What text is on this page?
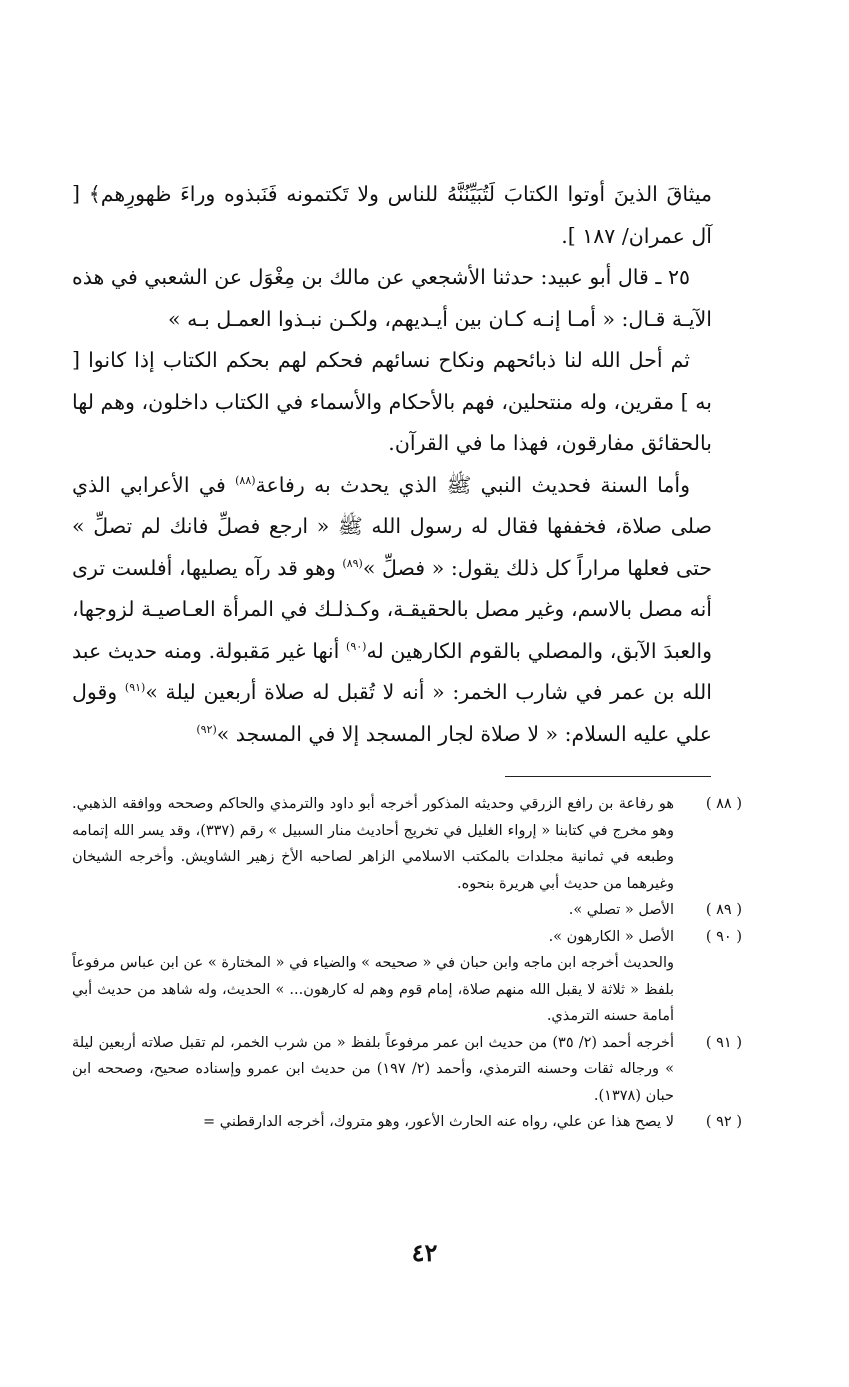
ميثاقَ الذينَ أوتوا الكتابَ لَتُبَيِّنُنَّهُ للناس ولا تَكتمونه فَنَبذوه وراءَ ظهورِهم﴾ [ آل عمران/ ١٨٧ ].

٢٥ ـ قال أبو عبيد: حدثنا الأشجعي عن مالك بن مِغْوَل عن الشعبي في هذه الآيـة قـال: « أمـا إنـه كـان بين أيـديهم، ولكـن نبـذوا العمـل بـه »

ثم أحل الله لنا ذبائحهم ونكاح نسائهم فحكم لهم بحكم الكتاب إذا كانوا [ به ] مقرين، وله منتحلين، فهم بالأحكام والأسماء في الكتاب داخلون، وهم لها بالحقائق مفارقون، فهذا ما في القرآن.

وأما السنة فحديث النبي ﷺ الذي يحدث به رفاعة$^{(٨٨)}$ في الأعرابي الذي صلى صلاة، فخففها فقال له رسول الله ﷺ « ارجع فصلِّ فانك لم تصلِّ » حتى فعلها مراراً كل ذلك يقول: « فصلِّ »$^{(٨٩)}$ وهو قد رآه يصليها، أفلست ترى أنه مصل بالاسم، وغير مصل بالحقيقـة، وكـذلـك في المرأة العـاصيـة لزوجها، والعبدَ الآبق، والمصلي بالقوم الكارهين له$^{(٩٠)}$ أنها غير مَقبولة. ومنه حديث عبد الله بن عمر في شارب الخمر: « أنه لا تُقبل له صلاة أربعين ليلة »$^{(٩١)}$ وقول علي عليه السلام: « لا صلاة لجار المسجد إلا في المسجد »$^{(٩٢)}$

( ٨٨ )
هو رفاعة بن رافع الزرقي وحديثه المذكور أخرجه أبو داود والترمذي والحاكم وصححه ووافقه الذهبي. وهو مخرج في كتابنا « إرواء الغليل في تخريج أحاديث منار السبيل » رقم (٣٣٧)، وقد يسر الله إتمامه وطبعه في ثمانية مجلدات بالمكتب الاسلامي الزاهر لصاحبه الأخ زهير الشاويش. وأخرجه الشيخان وغيرهما من حديث أبي هريرة بنحوه.
( ٨٩ )
الأصل « تصلي ».
( ٩٠ )
الأصل « الكارهون ».
والحديث أخرجه ابن ماجه وابن حبان في « صحيحه » والضياء في « المختارة » عن ابن عباس مرفوعاً بلفظ « ثلاثة لا يقبل الله منهم صلاة، إمام قوم وهم له كارهون... » الحديث، وله شاهد من حديث أبي أمامة حسنه الترمذي.
( ٩١ )
أخرجه أحمد (٢/ ٣٥) من حديث ابن عمر مرفوعاً بلفظ « من شرب الخمر، لم تقبل صلاته أربعين ليلة » ورجاله ثقات وحسنه الترمذي، وأحمد (٢/ ١٩٧) من حديث ابن عمرو وإسناده صحيح، وصححه ابن حبان (١٣٧٨).
( ٩٢ )
لا يصح هذا عن علي، رواه عنه الحارث الأعور، وهو متروك، أخرجه الدارقطني =
٤٢
